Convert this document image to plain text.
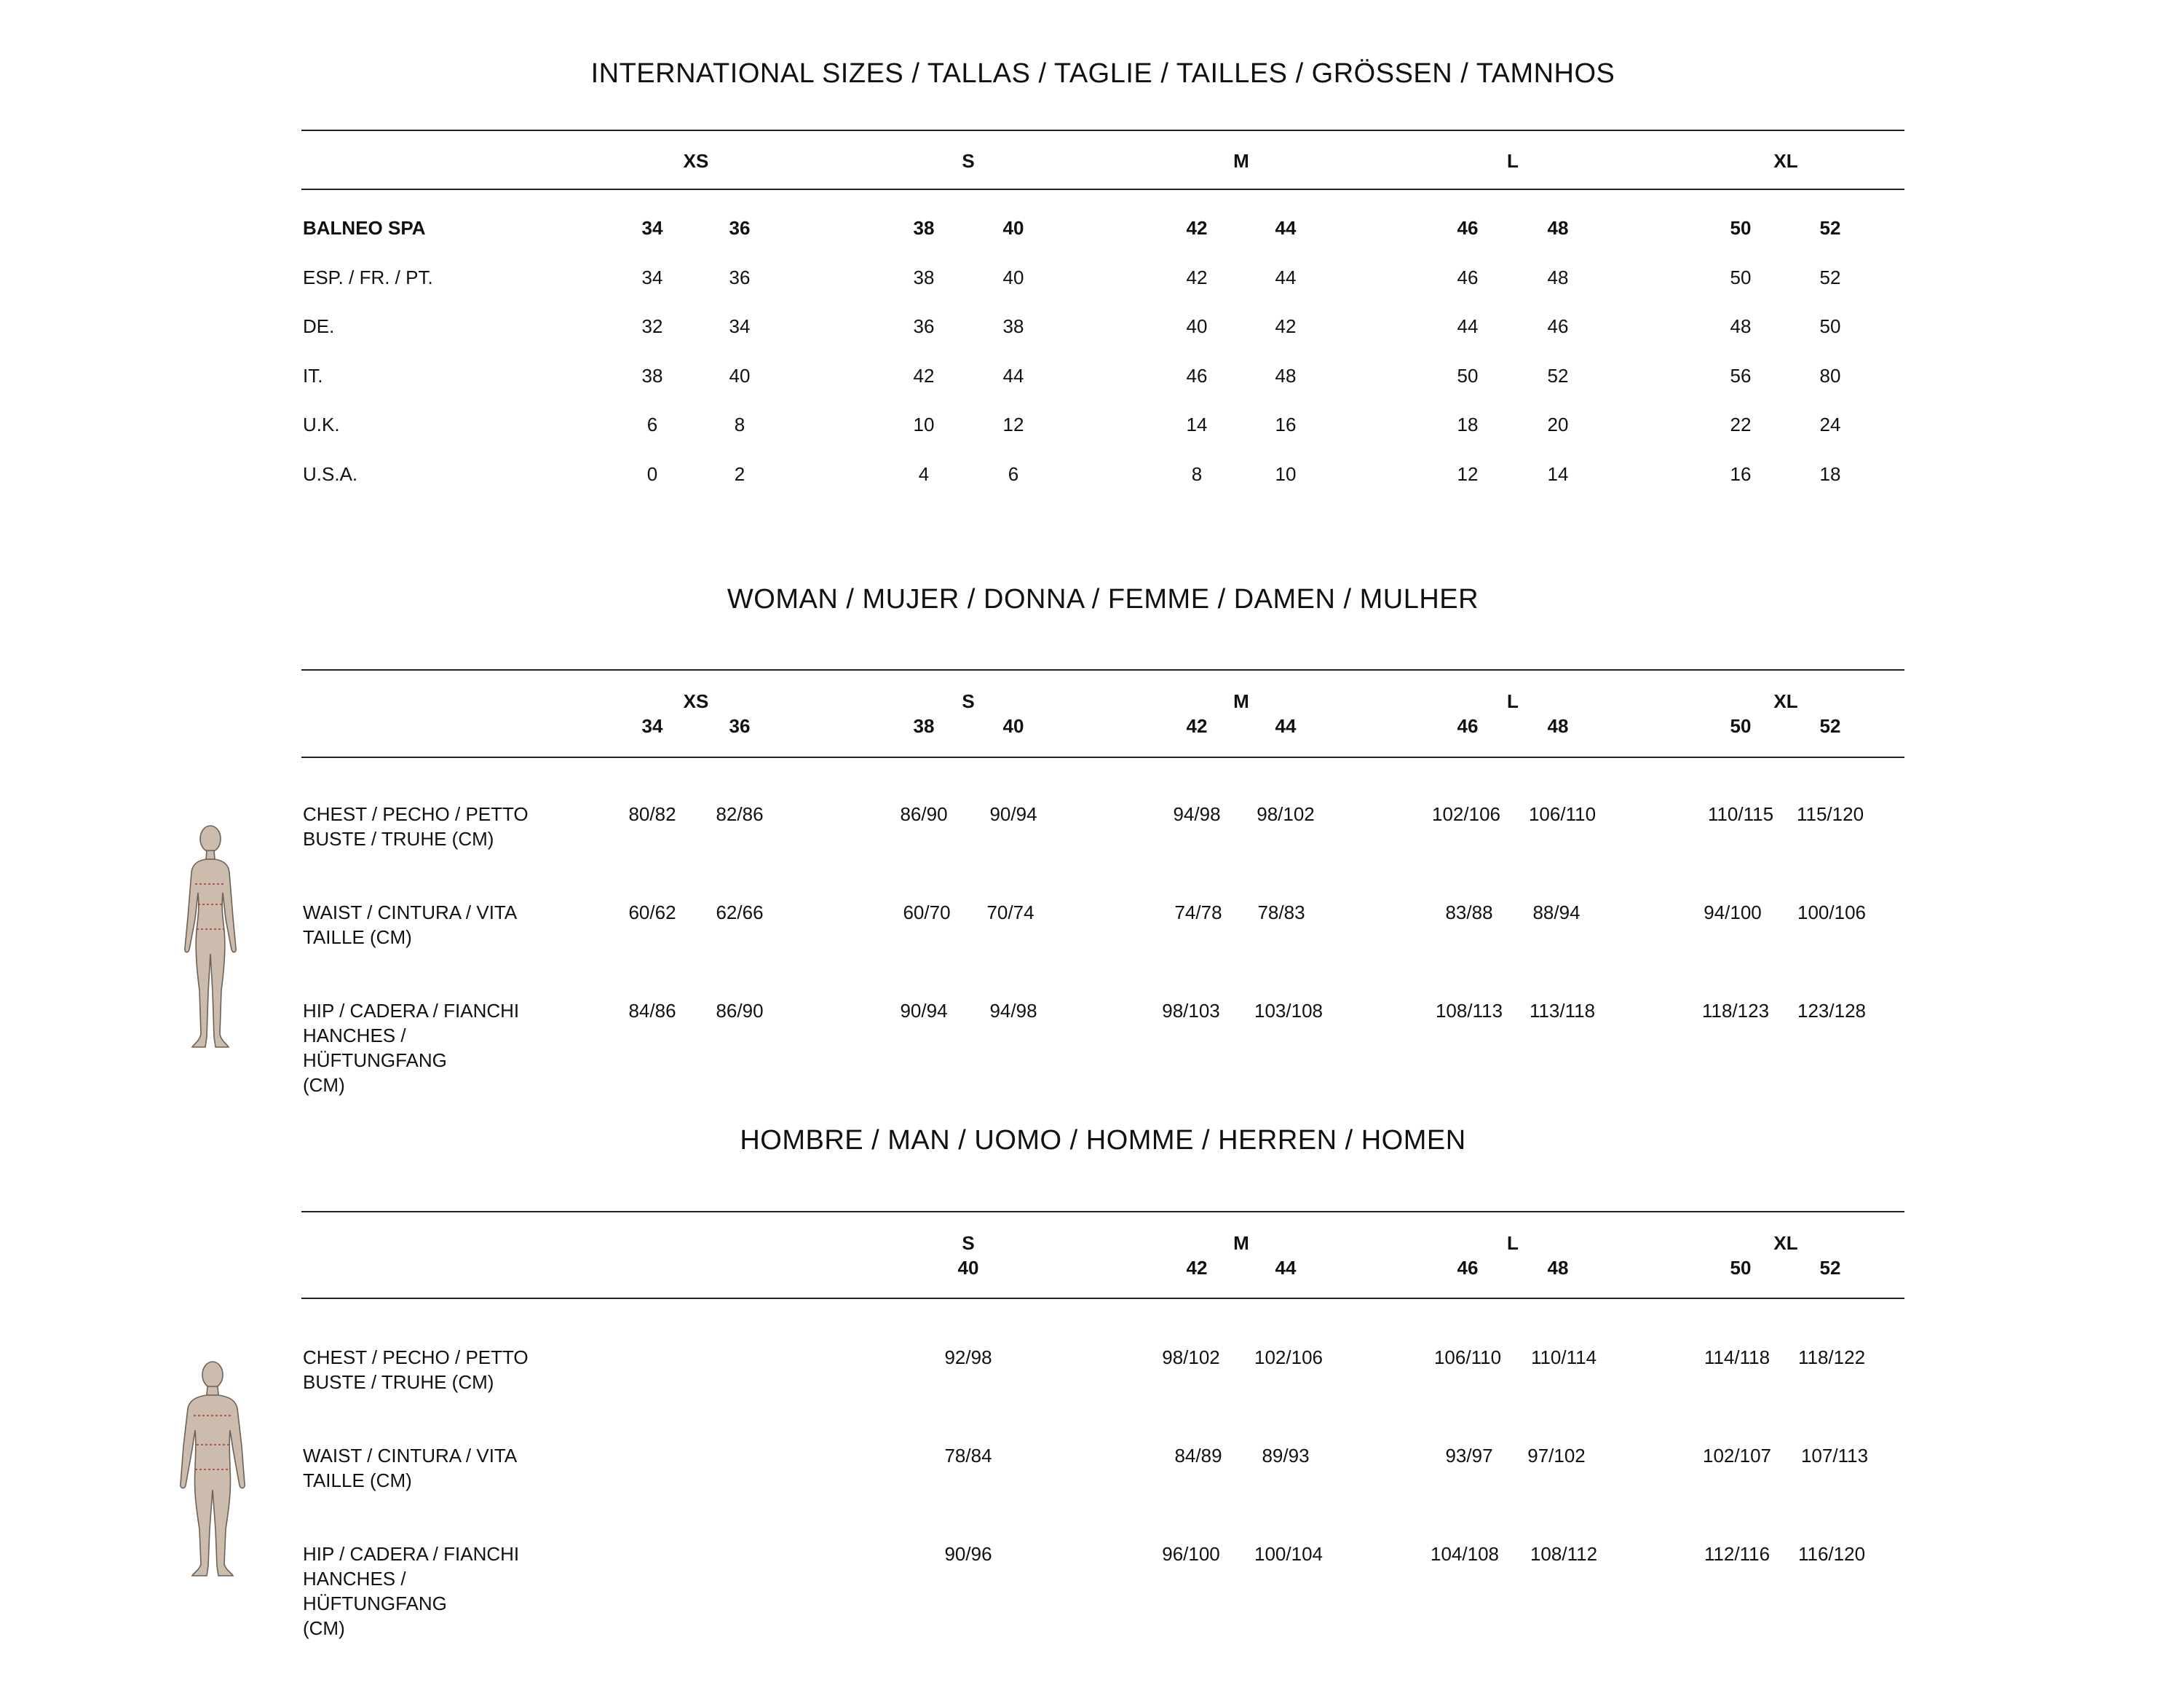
INTERNATIONAL SIZES / TALLAS / TAGLIE / TAILLES / GRÖSSEN / TAMNHOS
XS	S	M	L	XL
BALNEO SPA	34	36	38	40	42	44	46	48	50	52
ESP. / FR. / PT.	34	36	38	40	42	44	46	48	50	52
DE.	32	34	36	38	40	42	44	46	48	50
IT.	38	40	42	44	46	48	50	52	56	80
U.K.	6	8	10	12	14	16	18	20	22	24
U.S.A.	0	2	4	6	8	10	12	14	16	18
WOMAN / MUJER / DONNA / FEMME / DAMEN / MULHER
XS	S	M	L	XL
34	36	38	40	42	44	46	48	50	52
CHEST / PECHO / PETTO
BUSTE / TRUHE (CM)
80/82 82/86	86/90 90/94	94/98 98/102	102/106 106/110	110/115 115/120
WAIST / CINTURA / VITA
TAILLE (CM)
60/62 62/66	60/70 70/74	74/78 78/83	83/88 88/94	94/100 100/106
HIP / CADERA / FIANCHI
HANCHES /
HÜFTUNGFANG
(CM)
84/86 86/90	90/94 94/98	98/103 103/108	108/113 113/118	118/123 123/128
HOMBRE / MAN / UOMO / HOMME / HERREN / HOMEN
S	M	L	XL
40	42	44	46	48	50	52
CHEST / PECHO / PETTO
BUSTE / TRUHE (CM)
92/98	98/102 102/106	106/110 110/114	114/118 118/122
WAIST / CINTURA / VITA
TAILLE (CM)
78/84	84/89 89/93	93/97 97/102	102/107 107/113
HIP / CADERA / FIANCHI
HANCHES /
HÜFTUNGFANG
(CM)
90/96	96/100 100/104	104/108 108/112	112/116 116/120
